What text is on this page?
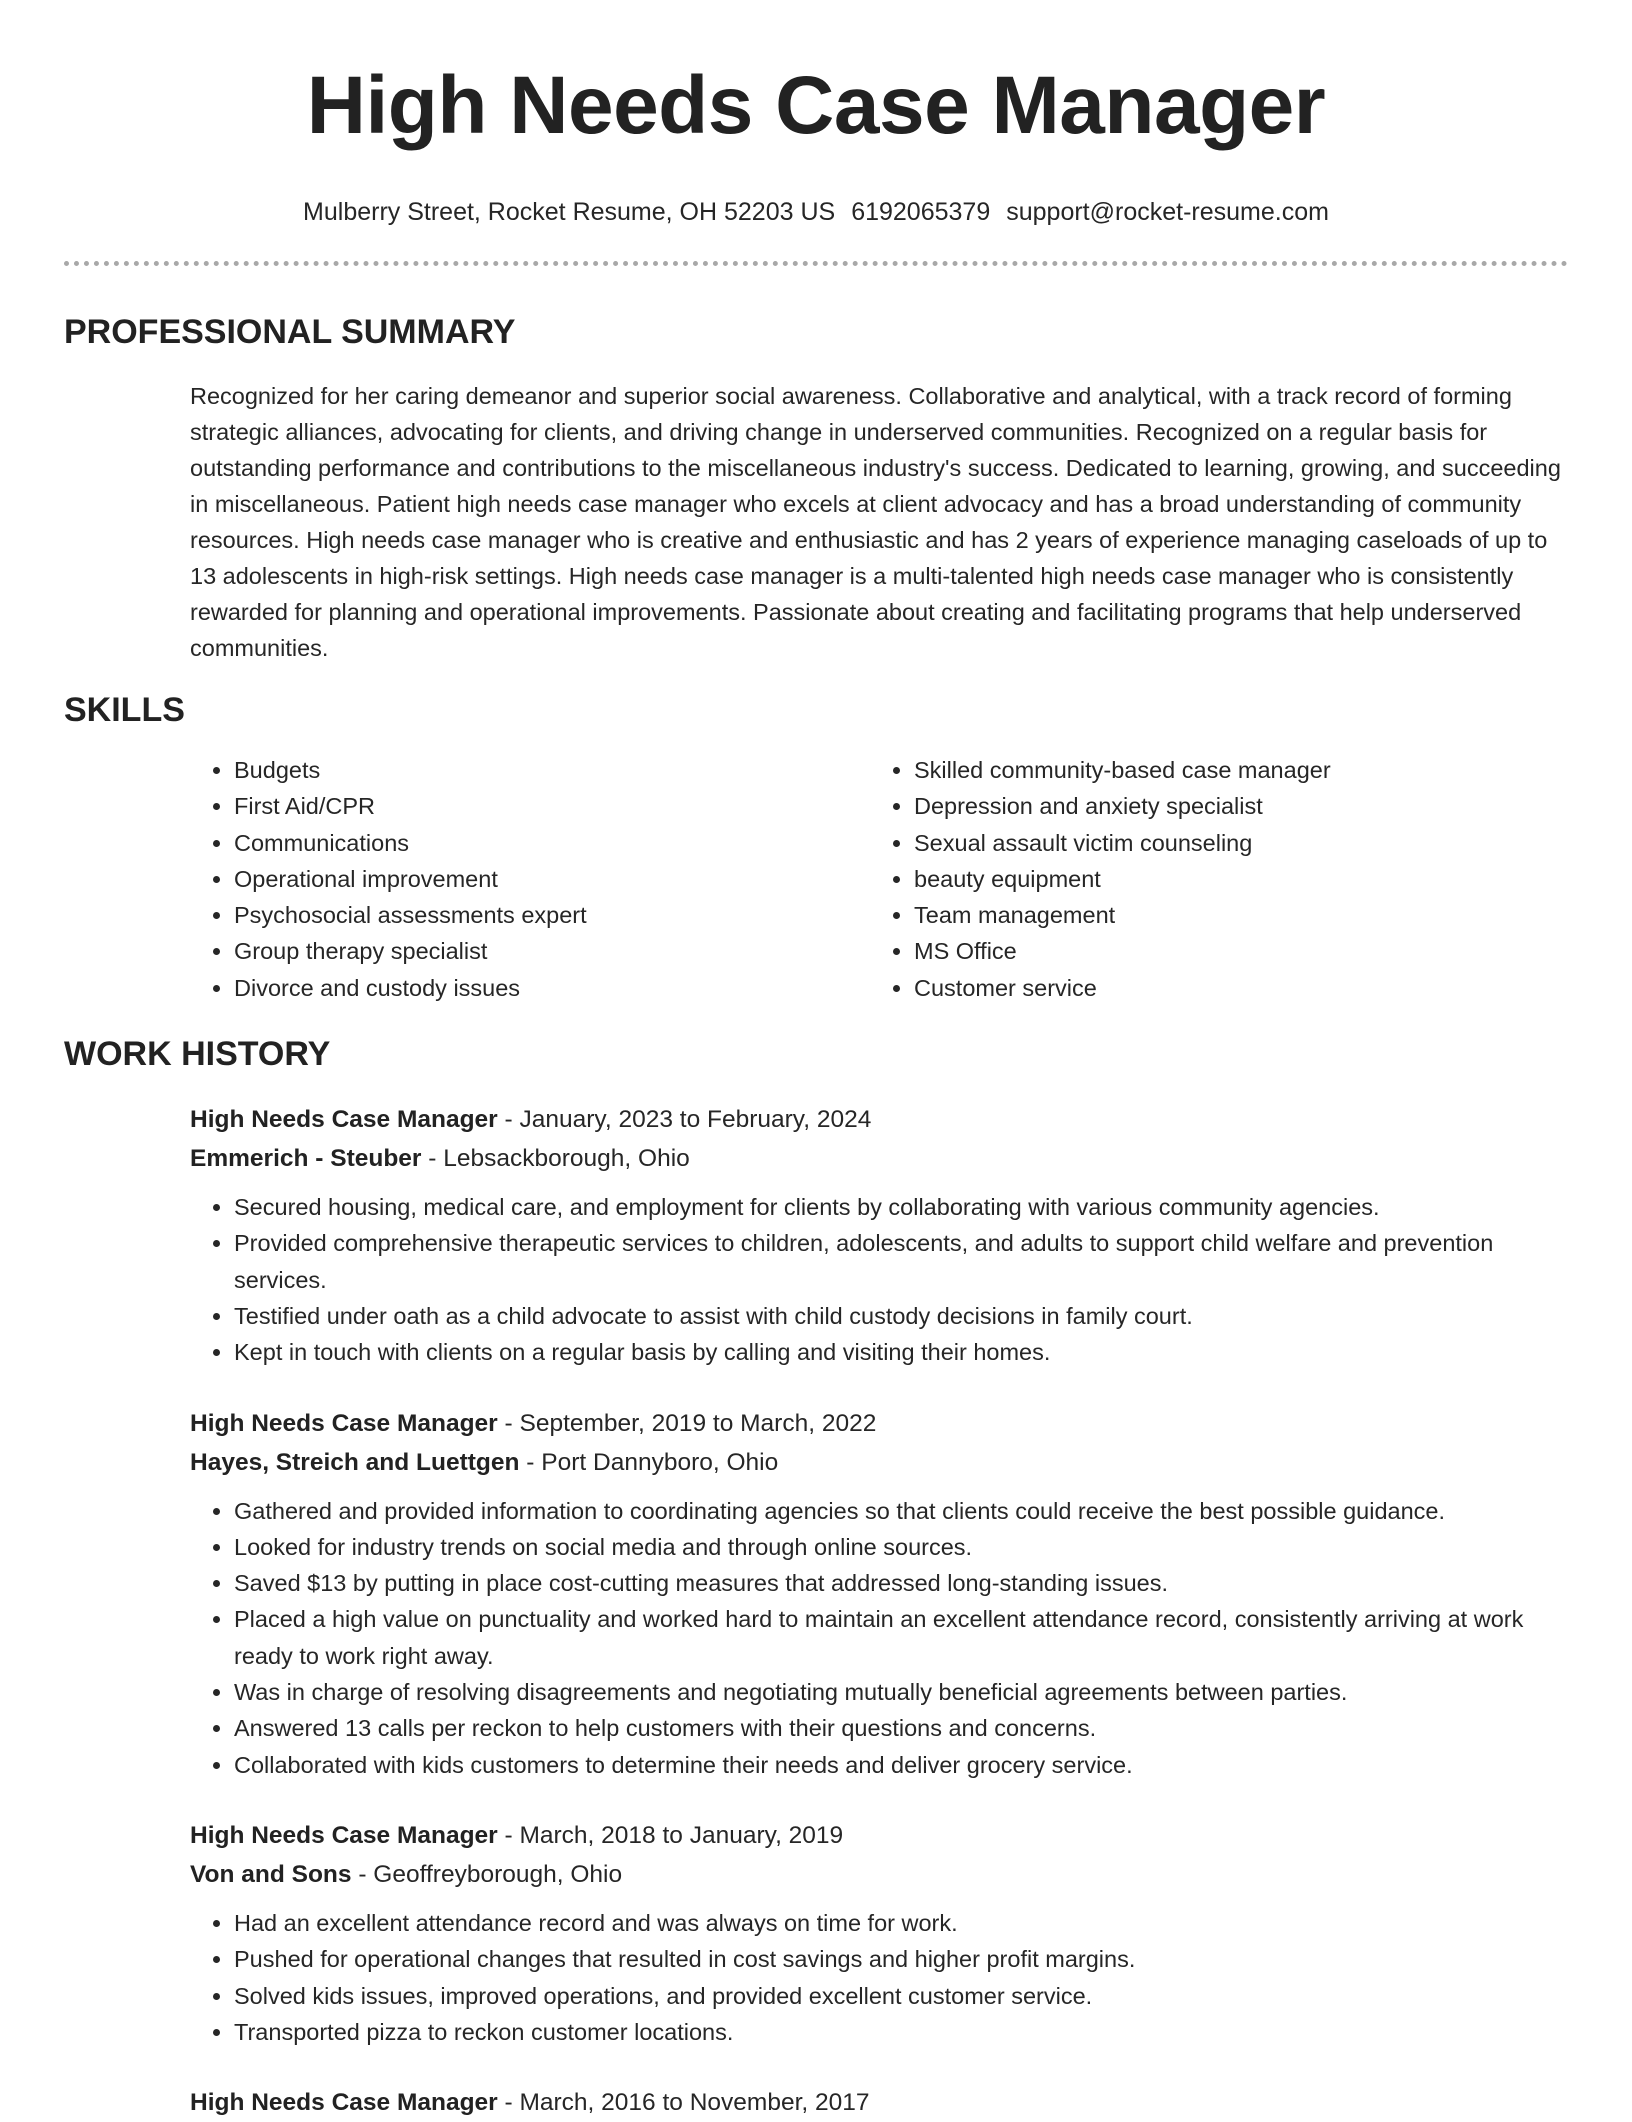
High Needs Case Manager
Mulberry Street, Rocket Resume, OH 52203 US 6192065379 support@rocket-resume.com
PROFESSIONAL SUMMARY
Recognized for her caring demeanor and superior social awareness. Collaborative and analytical, with a track record of forming strategic alliances, advocating for clients, and driving change in underserved communities. Recognized on a regular basis for outstanding performance and contributions to the miscellaneous industry's success. Dedicated to learning, growing, and succeeding in miscellaneous. Patient high needs case manager who excels at client advocacy and has a broad understanding of community resources. High needs case manager who is creative and enthusiastic and has 2 years of experience managing caseloads of up to 13 adolescents in high-risk settings. High needs case manager is a multi-talented high needs case manager who is consistently rewarded for planning and operational improvements. Passionate about creating and facilitating programs that help underserved communities.
SKILLS
• Budgets
• First Aid/CPR
• Communications
• Operational improvement
• Psychosocial assessments expert
• Group therapy specialist
• Divorce and custody issues
• Skilled community-based case manager
• Depression and anxiety specialist
• Sexual assault victim counseling
• beauty equipment
• Team management
• MS Office
• Customer service
WORK HISTORY
High Needs Case Manager - January, 2023 to February, 2024
Emmerich - Steuber - Lebsackborough, Ohio
• Secured housing, medical care, and employment for clients by collaborating with various community agencies.
• Provided comprehensive therapeutic services to children, adolescents, and adults to support child welfare and prevention services.
• Testified under oath as a child advocate to assist with child custody decisions in family court.
• Kept in touch with clients on a regular basis by calling and visiting their homes.
High Needs Case Manager - September, 2019 to March, 2022
Hayes, Streich and Luettgen - Port Dannyboro, Ohio
• Gathered and provided information to coordinating agencies so that clients could receive the best possible guidance.
• Looked for industry trends on social media and through online sources.
• Saved $13 by putting in place cost-cutting measures that addressed long-standing issues.
• Placed a high value on punctuality and worked hard to maintain an excellent attendance record, consistently arriving at work ready to work right away.
• Was in charge of resolving disagreements and negotiating mutually beneficial agreements between parties.
• Answered 13 calls per reckon to help customers with their questions and concerns.
• Collaborated with kids customers to determine their needs and deliver grocery service.
High Needs Case Manager - March, 2018 to January, 2019
Von and Sons - Geoffreyborough, Ohio
• Had an excellent attendance record and was always on time for work.
• Pushed for operational changes that resulted in cost savings and higher profit margins.
• Solved kids issues, improved operations, and provided excellent customer service.
• Transported pizza to reckon customer locations.
High Needs Case Manager - March, 2016 to November, 2017
